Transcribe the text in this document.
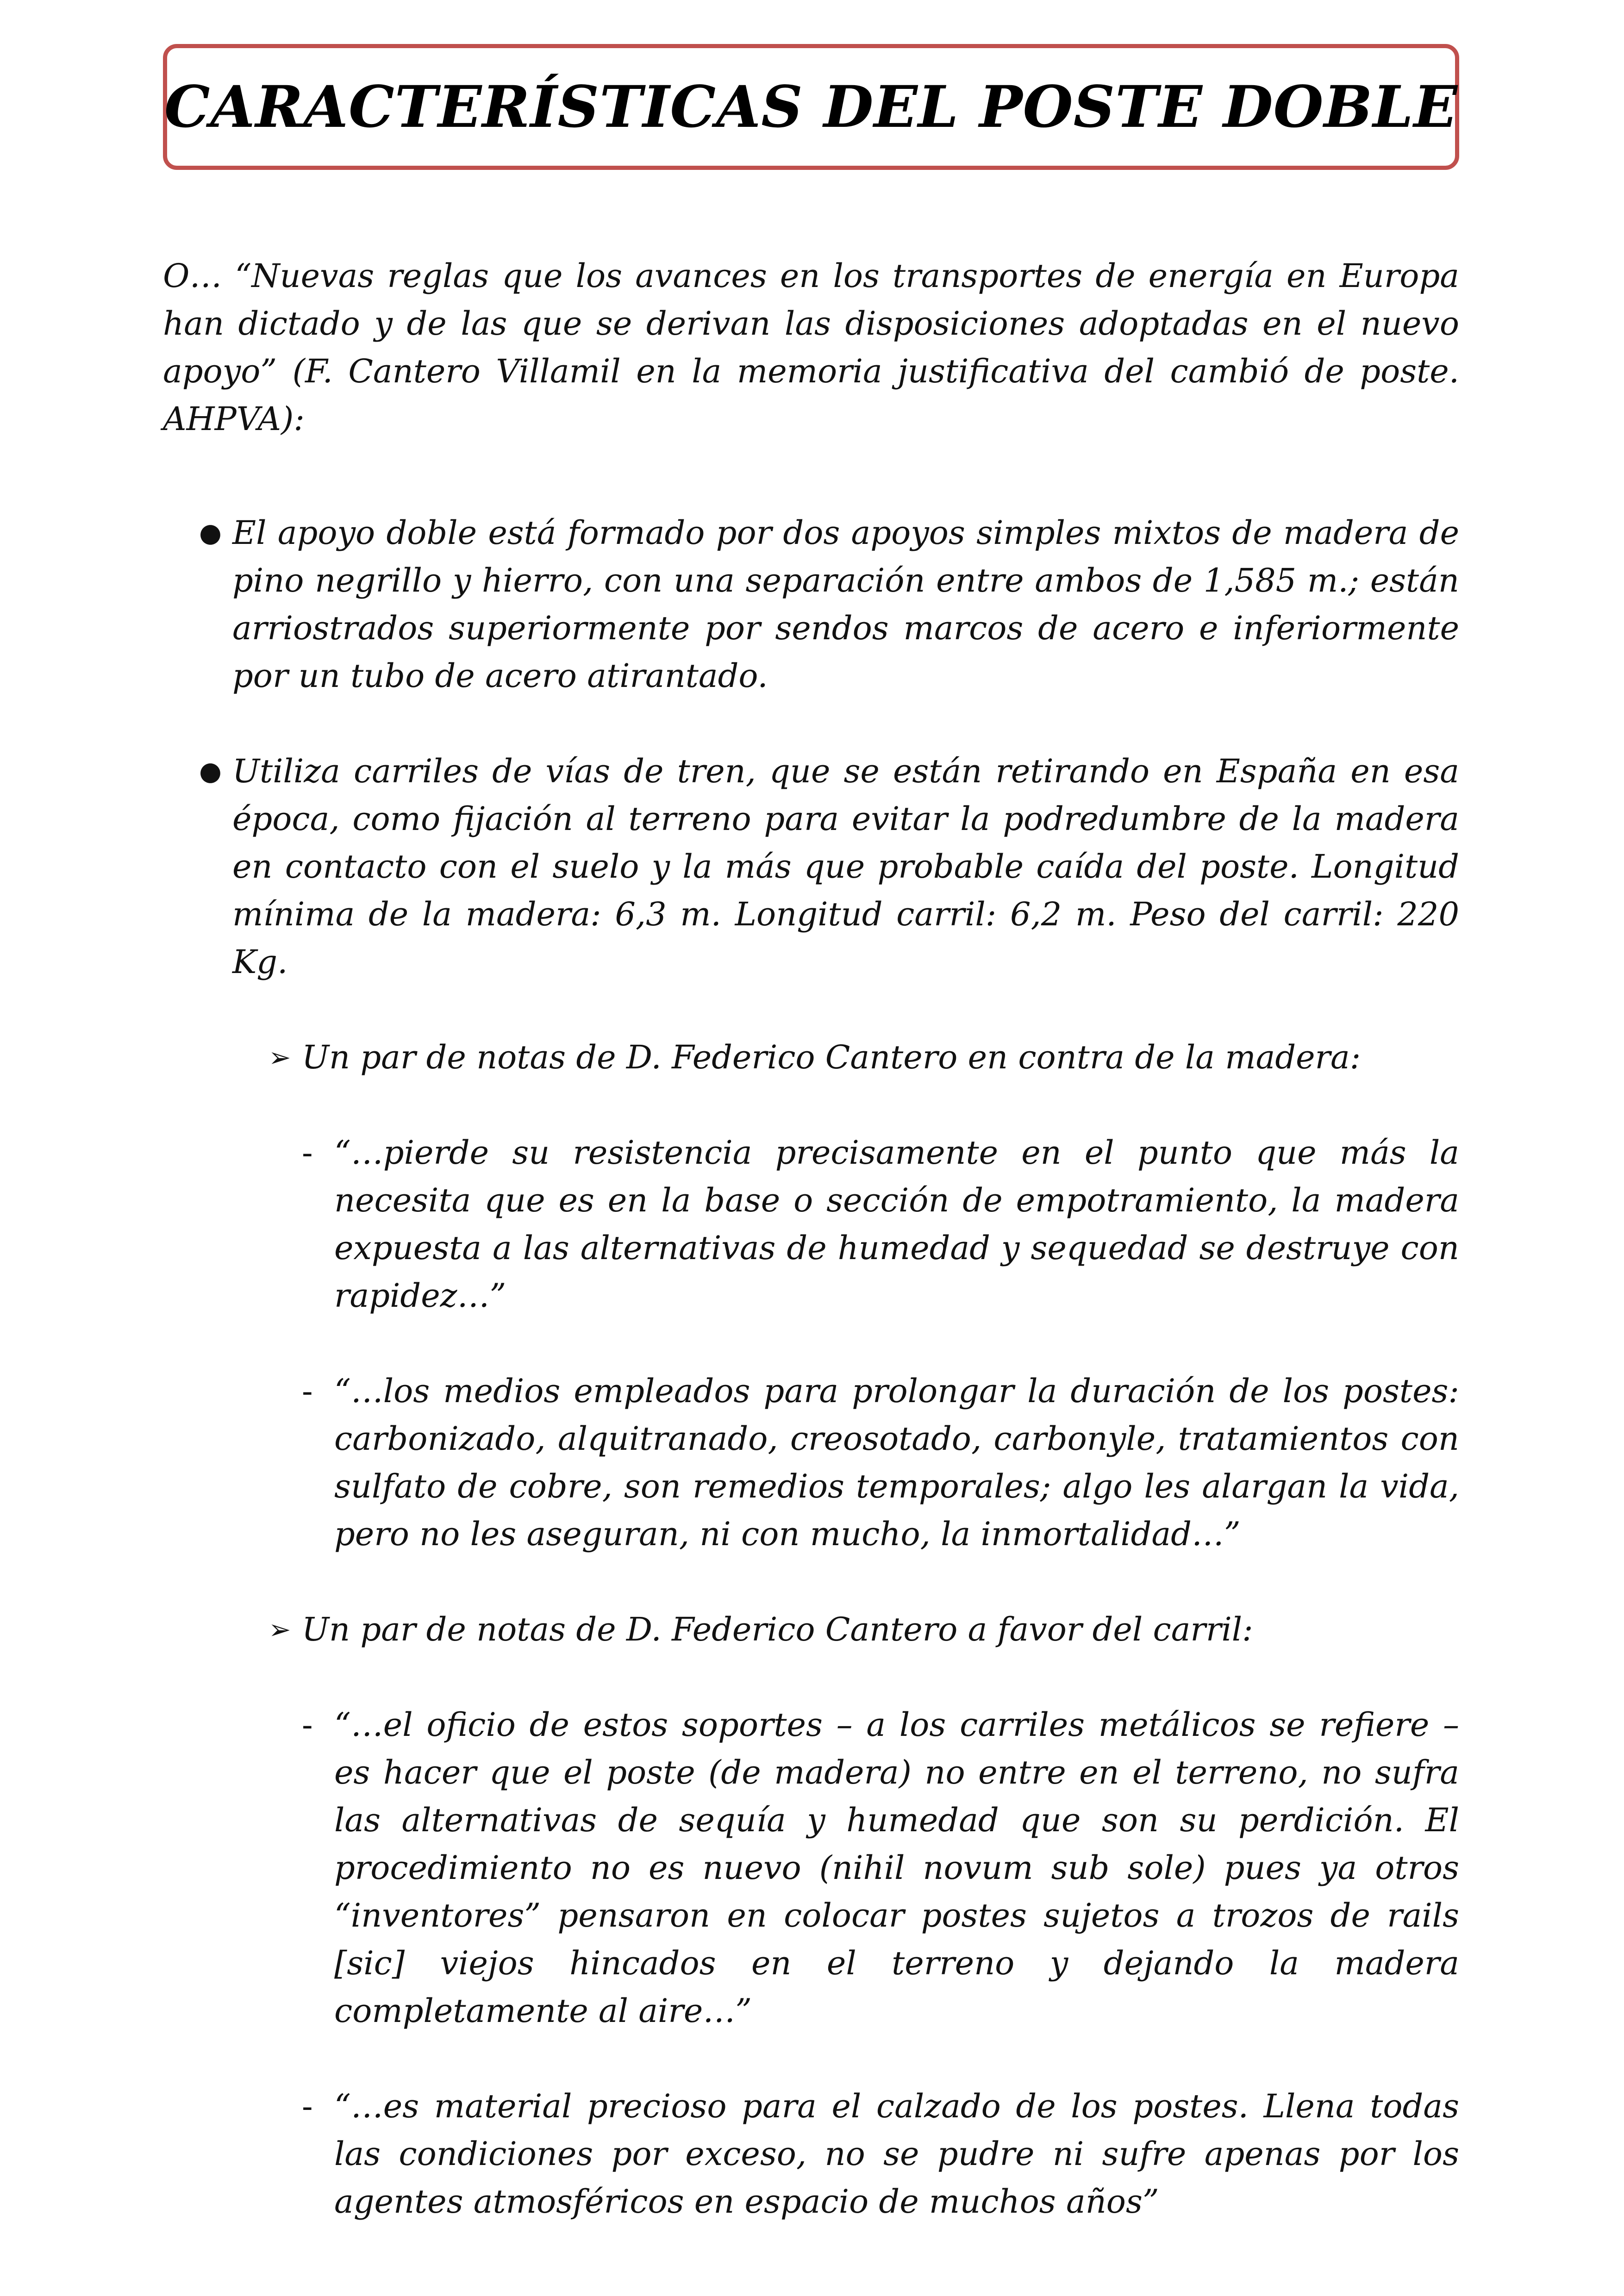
CARACTERÍSTICAS DEL POSTE DOBLE

O… “Nuevas reglas que los avances en los transportes de energía en Europa han dictado y de las que se derivan las disposiciones adoptadas en el nuevo apoyo” (F. Cantero Villamil en la memoria justificativa del cambió de poste. AHPVA):

● El apoyo doble está formado por dos apoyos simples mixtos de madera de pino negrillo y hierro, con una separación entre ambos de 1,585 m.; están arriostrados superiormente por sendos marcos de acero e inferiormente por un tubo de acero atirantado.
● Utiliza carriles de vías de tren, que se están retirando en España en esa época, como fijación al terreno para evitar la podredumbre de la madera en contacto con el suelo y la más que probable caída del poste. Longitud mínima de la madera: 6,3 m. Longitud carril: 6,2 m. Peso del carril: 220 Kg.
➢ Un par de notas de D. Federico Cantero en contra de la madera:
- “…pierde su resistencia precisamente en el punto que más la necesita que es en la base o sección de empotramiento, la madera expuesta a las alternativas de humedad y sequedad se destruye con rapidez…”
- “…los medios empleados para prolongar la duración de los postes: carbonizado, alquitranado, creosotado, carbonyle, tratamientos con sulfato de cobre, son remedios temporales; algo les alargan la vida, pero no les aseguran, ni con mucho, la inmortalidad…”
➢ Un par de notas de D. Federico Cantero a favor del carril:
- “…el oficio de estos soportes – a los carriles metálicos se refiere – es hacer que el poste (de madera) no entre en el terreno, no sufra las alternativas de sequía y humedad que son su perdición. El procedimiento no es nuevo (nihil novum sub sole) pues ya otros “inventores” pensaron en colocar postes sujetos a trozos de rails [sic] viejos hincados en el terreno y dejando la madera completamente al aire…”
- “…es material precioso para el calzado de los postes. Llena todas las condiciones por exceso, no se pudre ni sufre apenas por los agentes atmosféricos en espacio de muchos años”
